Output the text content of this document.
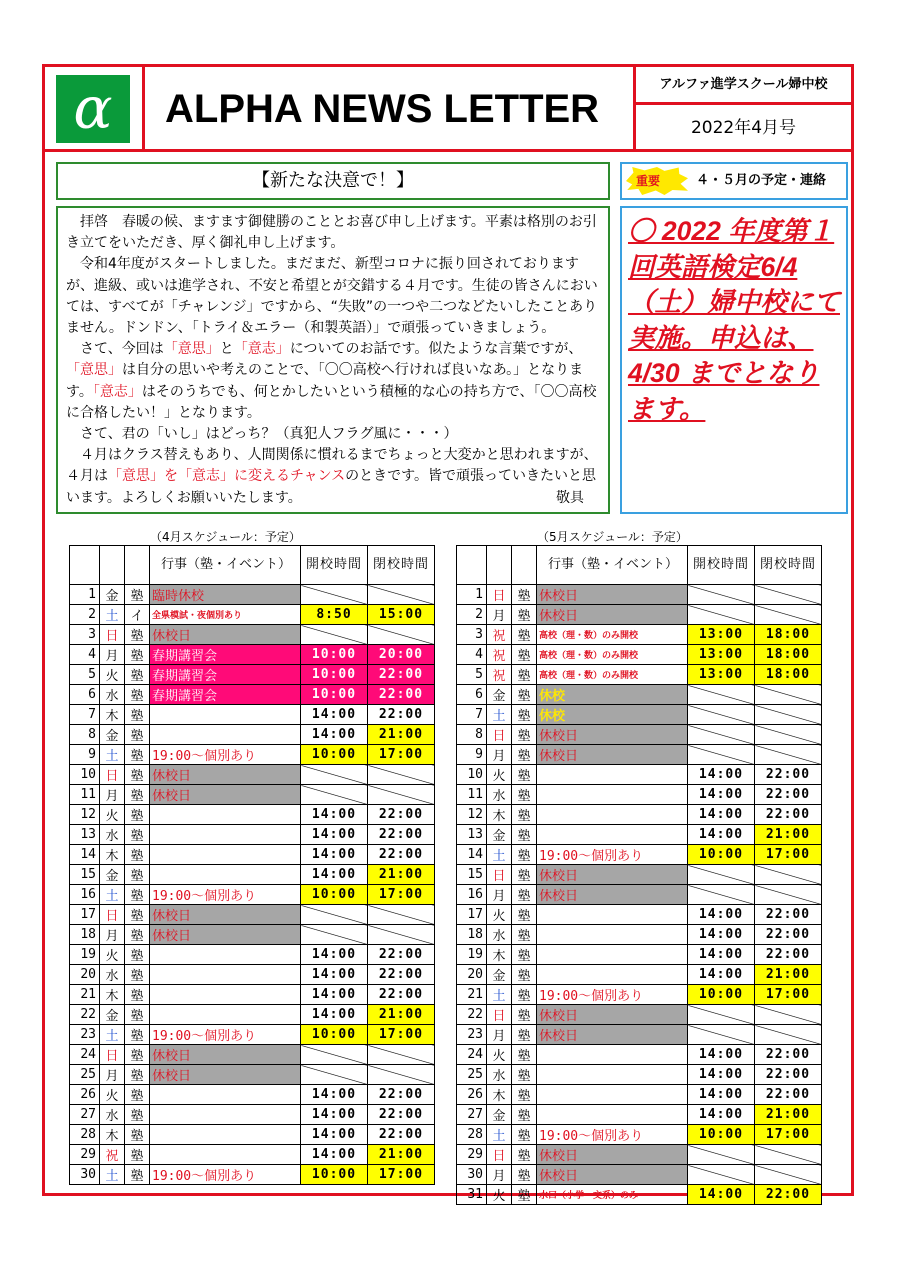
α	ALPHA NEWS LETTER
アルファ進学スクール婦中校
2022年4月号
【新たな決意で！】

拝啓　春暖の候、ますます御健勝のこととお喜び申し上げます。平素は格別のお引き立てをいただき、厚く御礼申し上げます。

令和4年度がスタートしました。まだまだ、新型コロナに振り回されておりますが、進級、或いは進学され、不安と希望とが交錯する４月です。生徒の皆さんにおいては、すべてが「チャレンジ」ですから、“失敗”の一つや二つなどたいしたことありません。ドンドン、「トライ＆エラー（和製英語）」で頑張っていきましょう。

さて、今回は「意思」と「意志」についてのお話です。似たような言葉ですが、「意思」は自分の思いや考えのことで、「〇〇高校へ行ければ良いなあ。」となります。「意志」はそのうちでも、何とかしたいという積極的な心の持ち方で、「〇〇高校に合格したい！」となります。

さて、君の「いし」はどっち？（真犯人フラグ風に・・・）

４月はクラス替えもあり、人間関係に慣れるまでちょっと大変かと思われますが、４月は「意思」を「意志」に変えるチャンスのときです。皆で頑張っていきたいと思います。よろしくお願いいたします。	敬具

重要	４・５月の予定・連絡
〇 2022 年度第１回英語検定6/4（土）婦中校にて実施。申込は、4/30 までとなります。
（4月スケジュール：予定）	（5月スケジュール：予定）
			行事（塾・イベント）	開校時間	閉校時間
1	金	塾	臨時休校		
2	土	イ	全県模試・夜個別あり	8:50	15:00
3	日	塾	休校日		
4	月	塾	春期講習会	10:00	20:00
5	火	塾	春期講習会	10:00	22:00
6	水	塾	春期講習会	10:00	22:00
7	木	塾		14:00	22:00
8	金	塾		14:00	21:00
9	土	塾	19:00～個別あり	10:00	17:00
10	日	塾	休校日		
11	月	塾	休校日		
12	火	塾		14:00	22:00
13	水	塾		14:00	22:00
14	木	塾		14:00	22:00
15	金	塾		14:00	21:00
16	土	塾	19:00～個別あり	10:00	17:00
17	日	塾	休校日		
18	月	塾	休校日		
19	火	塾		14:00	22:00
20	水	塾		14:00	22:00
21	木	塾		14:00	22:00
22	金	塾		14:00	21:00
23	土	塾	19:00～個別あり	10:00	17:00
24	日	塾	休校日		
25	月	塾	休校日		
26	火	塾		14:00	22:00
27	水	塾		14:00	22:00
28	木	塾		14:00	22:00
29	祝	塾		14:00	21:00
30	土	塾	19:00～個別あり	10:00	17:00
			行事（塾・イベント）	開校時間	閉校時間
1	日	塾	休校日		
2	月	塾	休校日		
3	祝	塾	高校（理・数）のみ開校	13:00	18:00
4	祝	塾	高校（理・数）のみ開校	13:00	18:00
5	祝	塾	高校（理・数）のみ開校	13:00	18:00
6	金	塾	休校		
7	土	塾	休校		
8	日	塾	休校日		
9	月	塾	休校日		
10	火	塾		14:00	22:00
11	水	塾		14:00	22:00
12	木	塾		14:00	22:00
13	金	塾		14:00	21:00
14	土	塾	19:00～個別あり	10:00	17:00
15	日	塾	休校日		
16	月	塾	休校日		
17	火	塾		14:00	22:00
18	水	塾		14:00	22:00
19	木	塾		14:00	22:00
20	金	塾		14:00	21:00
21	土	塾	19:00～個別あり	10:00	17:00
22	日	塾	休校日		
23	月	塾	休校日		
24	火	塾		14:00	22:00
25	水	塾		14:00	22:00
26	木	塾		14:00	22:00
27	金	塾		14:00	21:00
28	土	塾	19:00～個別あり	10:00	17:00
29	日	塾	休校日		
30	月	塾	休校日		
31	火	塾	水口（小学・文系）のみ	14:00	22:00
